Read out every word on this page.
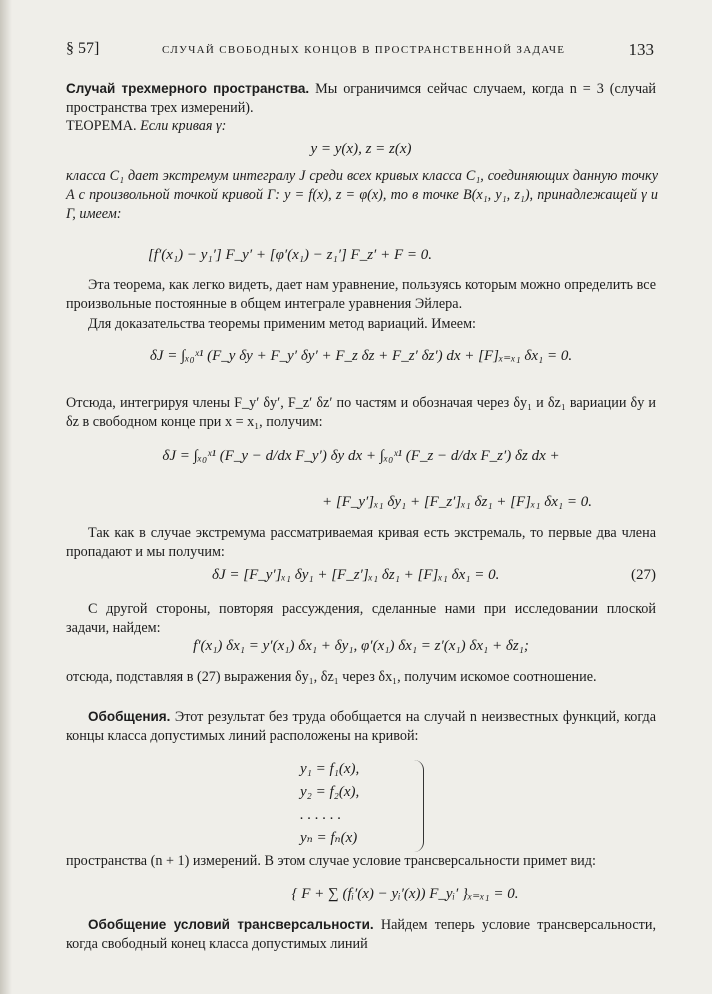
§ 57]	СЛУЧАЙ СВОБОДНЫХ КОНЦОВ В ПРОСТРАНСТВЕННОЙ ЗАДАЧЕ	133
Случай трехмерного пространства. Мы ограничимся сейчас случаем, когда n = 3 (случай пространства трех измерений).
ТЕОРЕМА. Если кривая γ:
y = y(x), z = z(x)
класса C₁ дает экстремум интегралу J среди всех кривых класса C₁, соединяющих данную точку A с произвольной точкой кривой Γ: y = f(x), z = φ(x), то в точке B(x₁, y₁, z₁), принадлежащей γ и Γ, имеем:
[f′(x₁) − y₁′] F_y′ + [φ′(x₁) − z₁′] F_z′ + F = 0.
Эта теорема, как легко видеть, дает нам уравнение, пользуясь которым можно определить все произвольные постоянные в общем интеграле уравнения Эйлера.
Для доказательства теоремы применим метод вариаций. Имеем:
δJ = ∫ₓ₀ˣ¹ (F_y δy + F_y′ δy′ + F_z δz + F_z′ δz′) dx + [F]ₓ₌ₓ₁ δx₁ = 0.
Отсюда, интегрируя члены F_y′ δy′, F_z′ δz′ по частям и обозначая через δy₁ и δz₁ вариации δy и δz в свободном конце при x = x₁, получим:
δJ = ∫ₓ₀ˣ¹ (F_y − d/dx F_y′) δy dx + ∫ₓ₀ˣ¹ (F_z − d/dx F_z′) δz dx +
+ [F_y′]ₓ₁ δy₁ + [F_z′]ₓ₁ δz₁ + [F]ₓ₁ δx₁ = 0.
Так как в случае экстремума рассматриваемая кривая есть экстремаль, то первые два члена пропадают и мы получим:
δJ = [F_y′]ₓ₁ δy₁ + [F_z′]ₓ₁ δz₁ + [F]ₓ₁ δx₁ = 0.	(27)
С другой стороны, повторяя рассуждения, сделанные нами при исследовании плоской задачи, найдем:
f′(x₁) δx₁ = y′(x₁) δx₁ + δy₁, φ′(x₁) δx₁ = z′(x₁) δx₁ + δz₁;
отсюда, подставляя в (27) выражения δy₁, δz₁ через δx₁, получим искомое соотношение.
Обобщения. Этот результат без труда обобщается на случай n неизвестных функций, когда концы класса допустимых линий расположены на кривой:
y₁ = f₁(x),
y₂ = f₂(x),
. . . . . .
yₙ = fₙ(x)
пространства (n + 1) измерений. В этом случае условие трансверсальности примет вид:
{ F + ∑ (fᵢ′(x) − yᵢ′(x)) F_yᵢ′ }ₓ₌ₓ₁ = 0.
Обобщение условий трансверсальности. Найдем теперь условие трансверсальности, когда свободный конец класса допустимых линий
